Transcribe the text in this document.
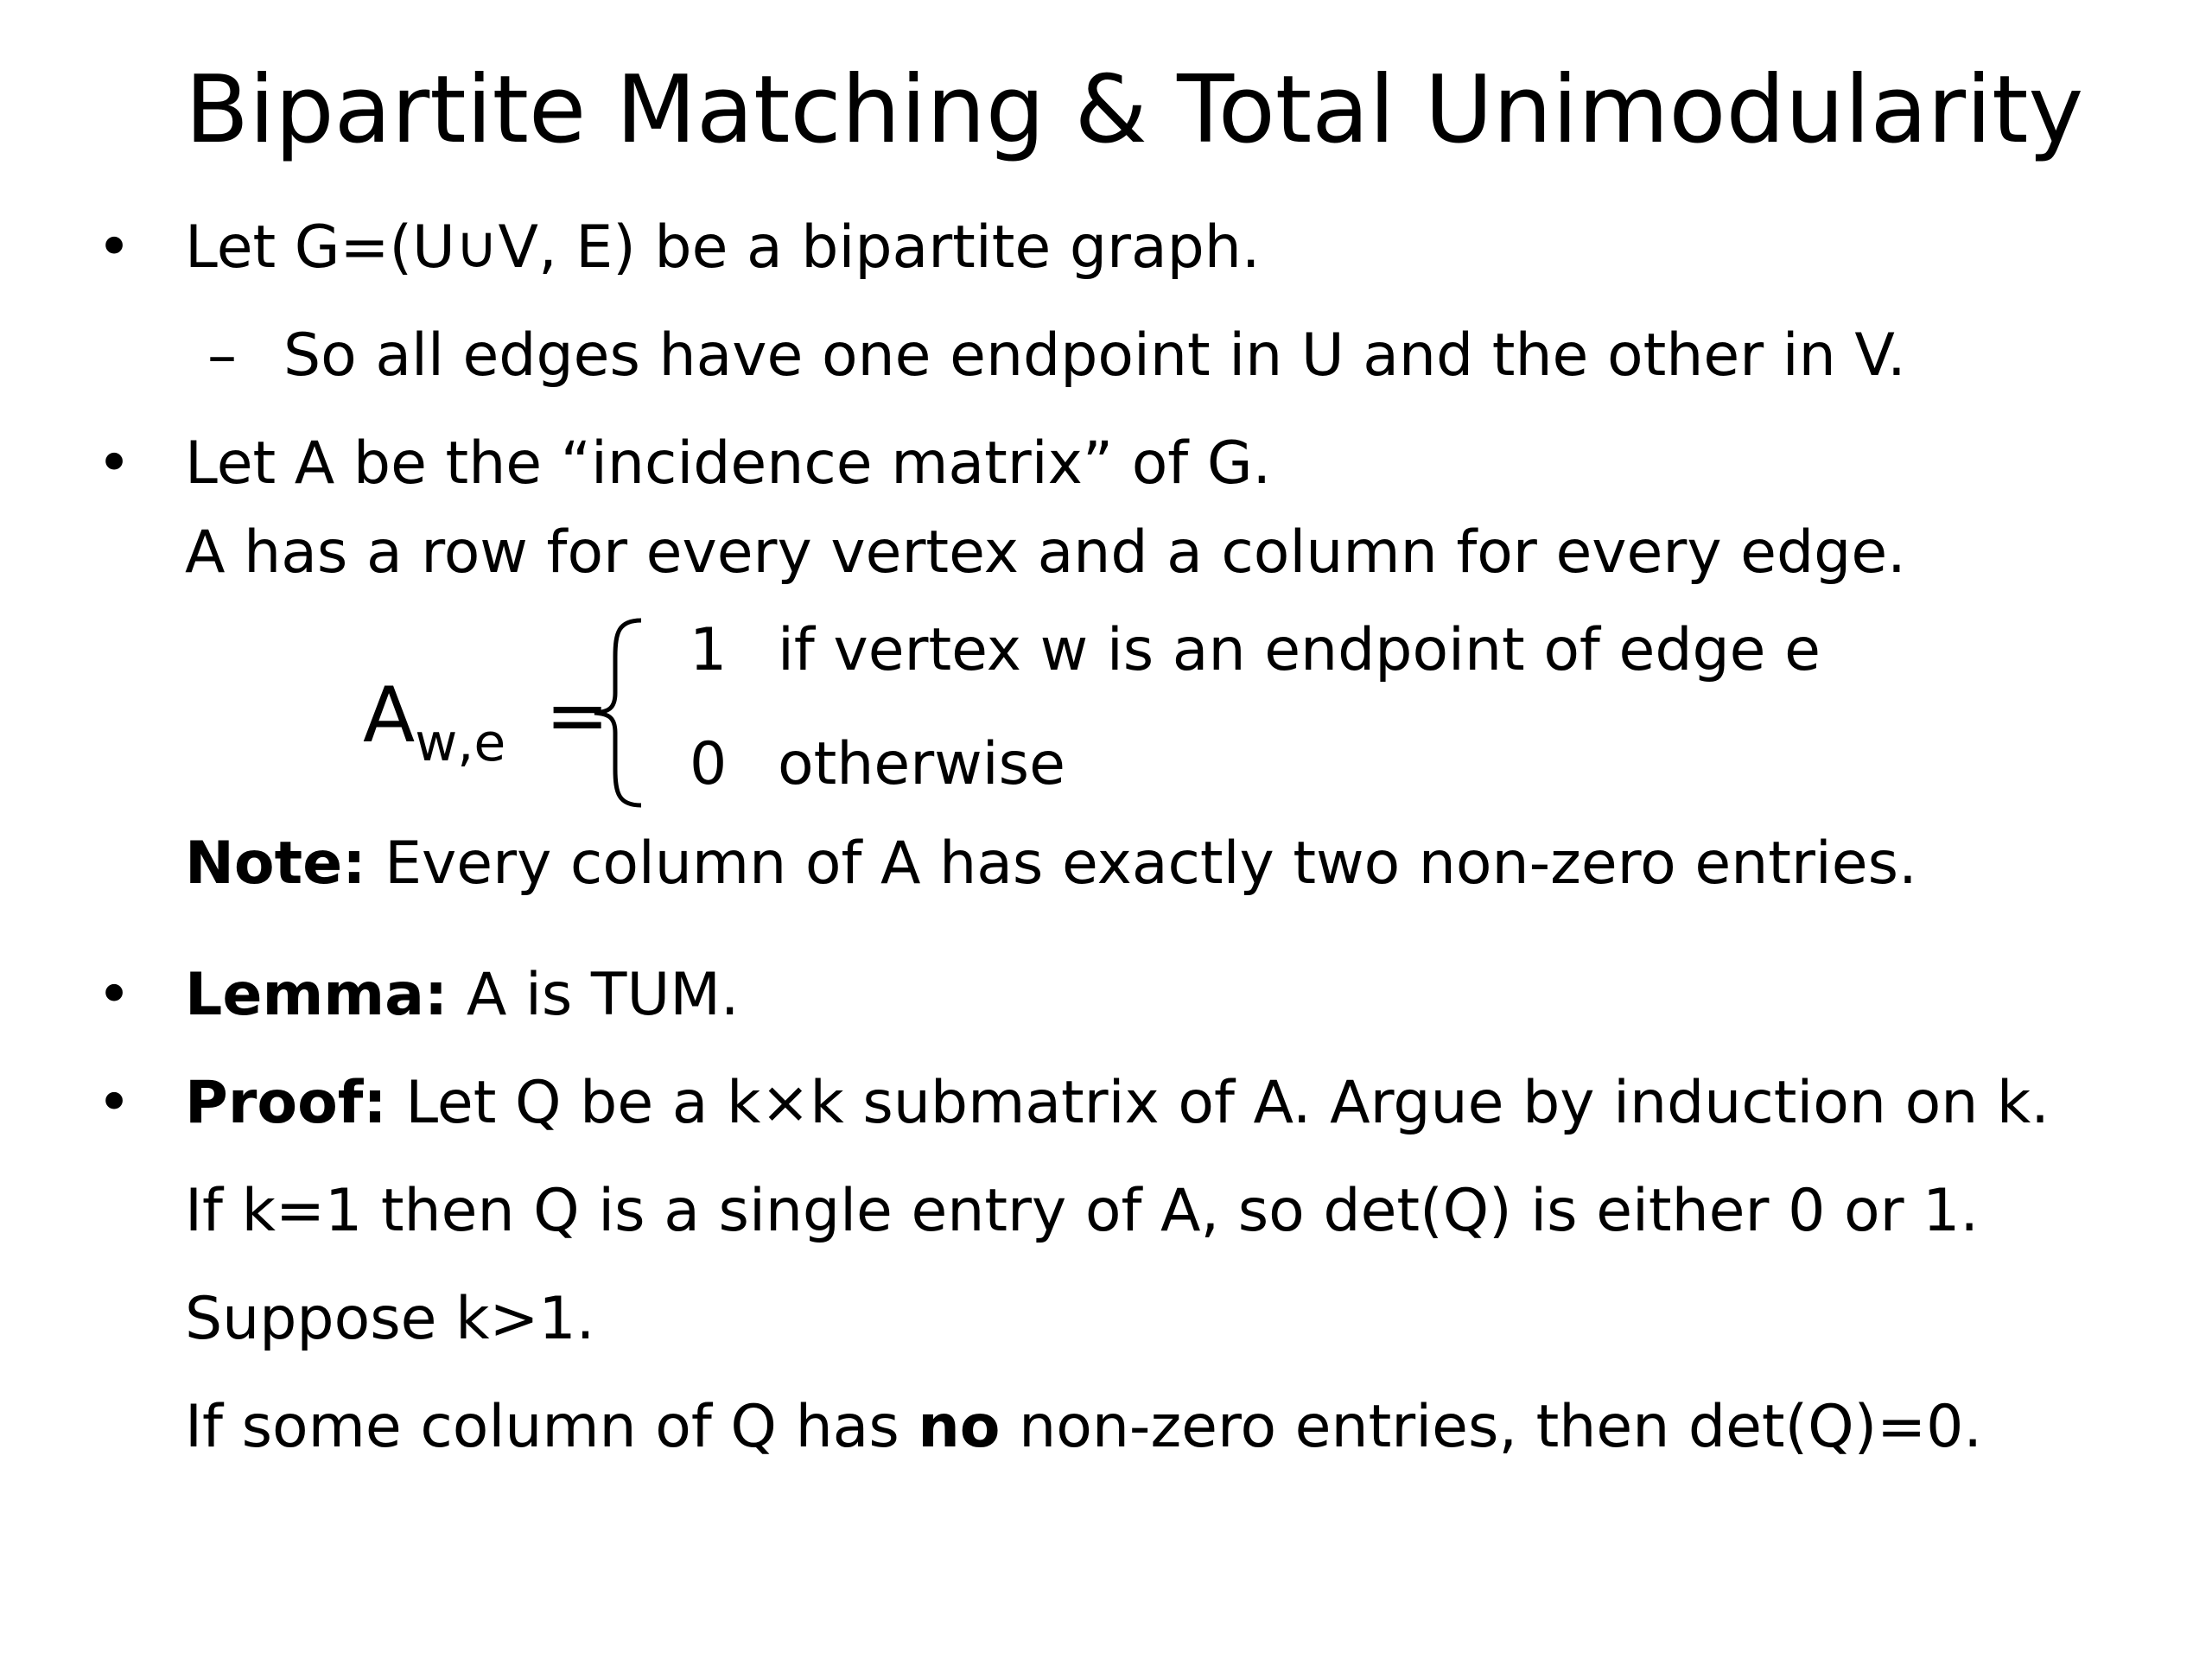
Bipartite Matching & Total Unimodularity
• Let G=(U∪V, E) be a bipartite graph.
– So all edges have one endpoint in U and the other in V.
• Let A be the “incidence matrix” of G.
A has a row for every vertex and a column for every edge.
$A_{w,e}$ =
1 if vertex w is an endpoint of edge e
0 otherwise
Note: Every column of A has exactly two non-zero entries.
• Lemma: A is TUM.
• Proof: Let Q be a k×k submatrix of A. Argue by induction on k.
If k=1 then Q is a single entry of A, so det(Q) is either 0 or 1.
Suppose k>1.
If some column of Q has no non-zero entries, then det(Q)=0.
